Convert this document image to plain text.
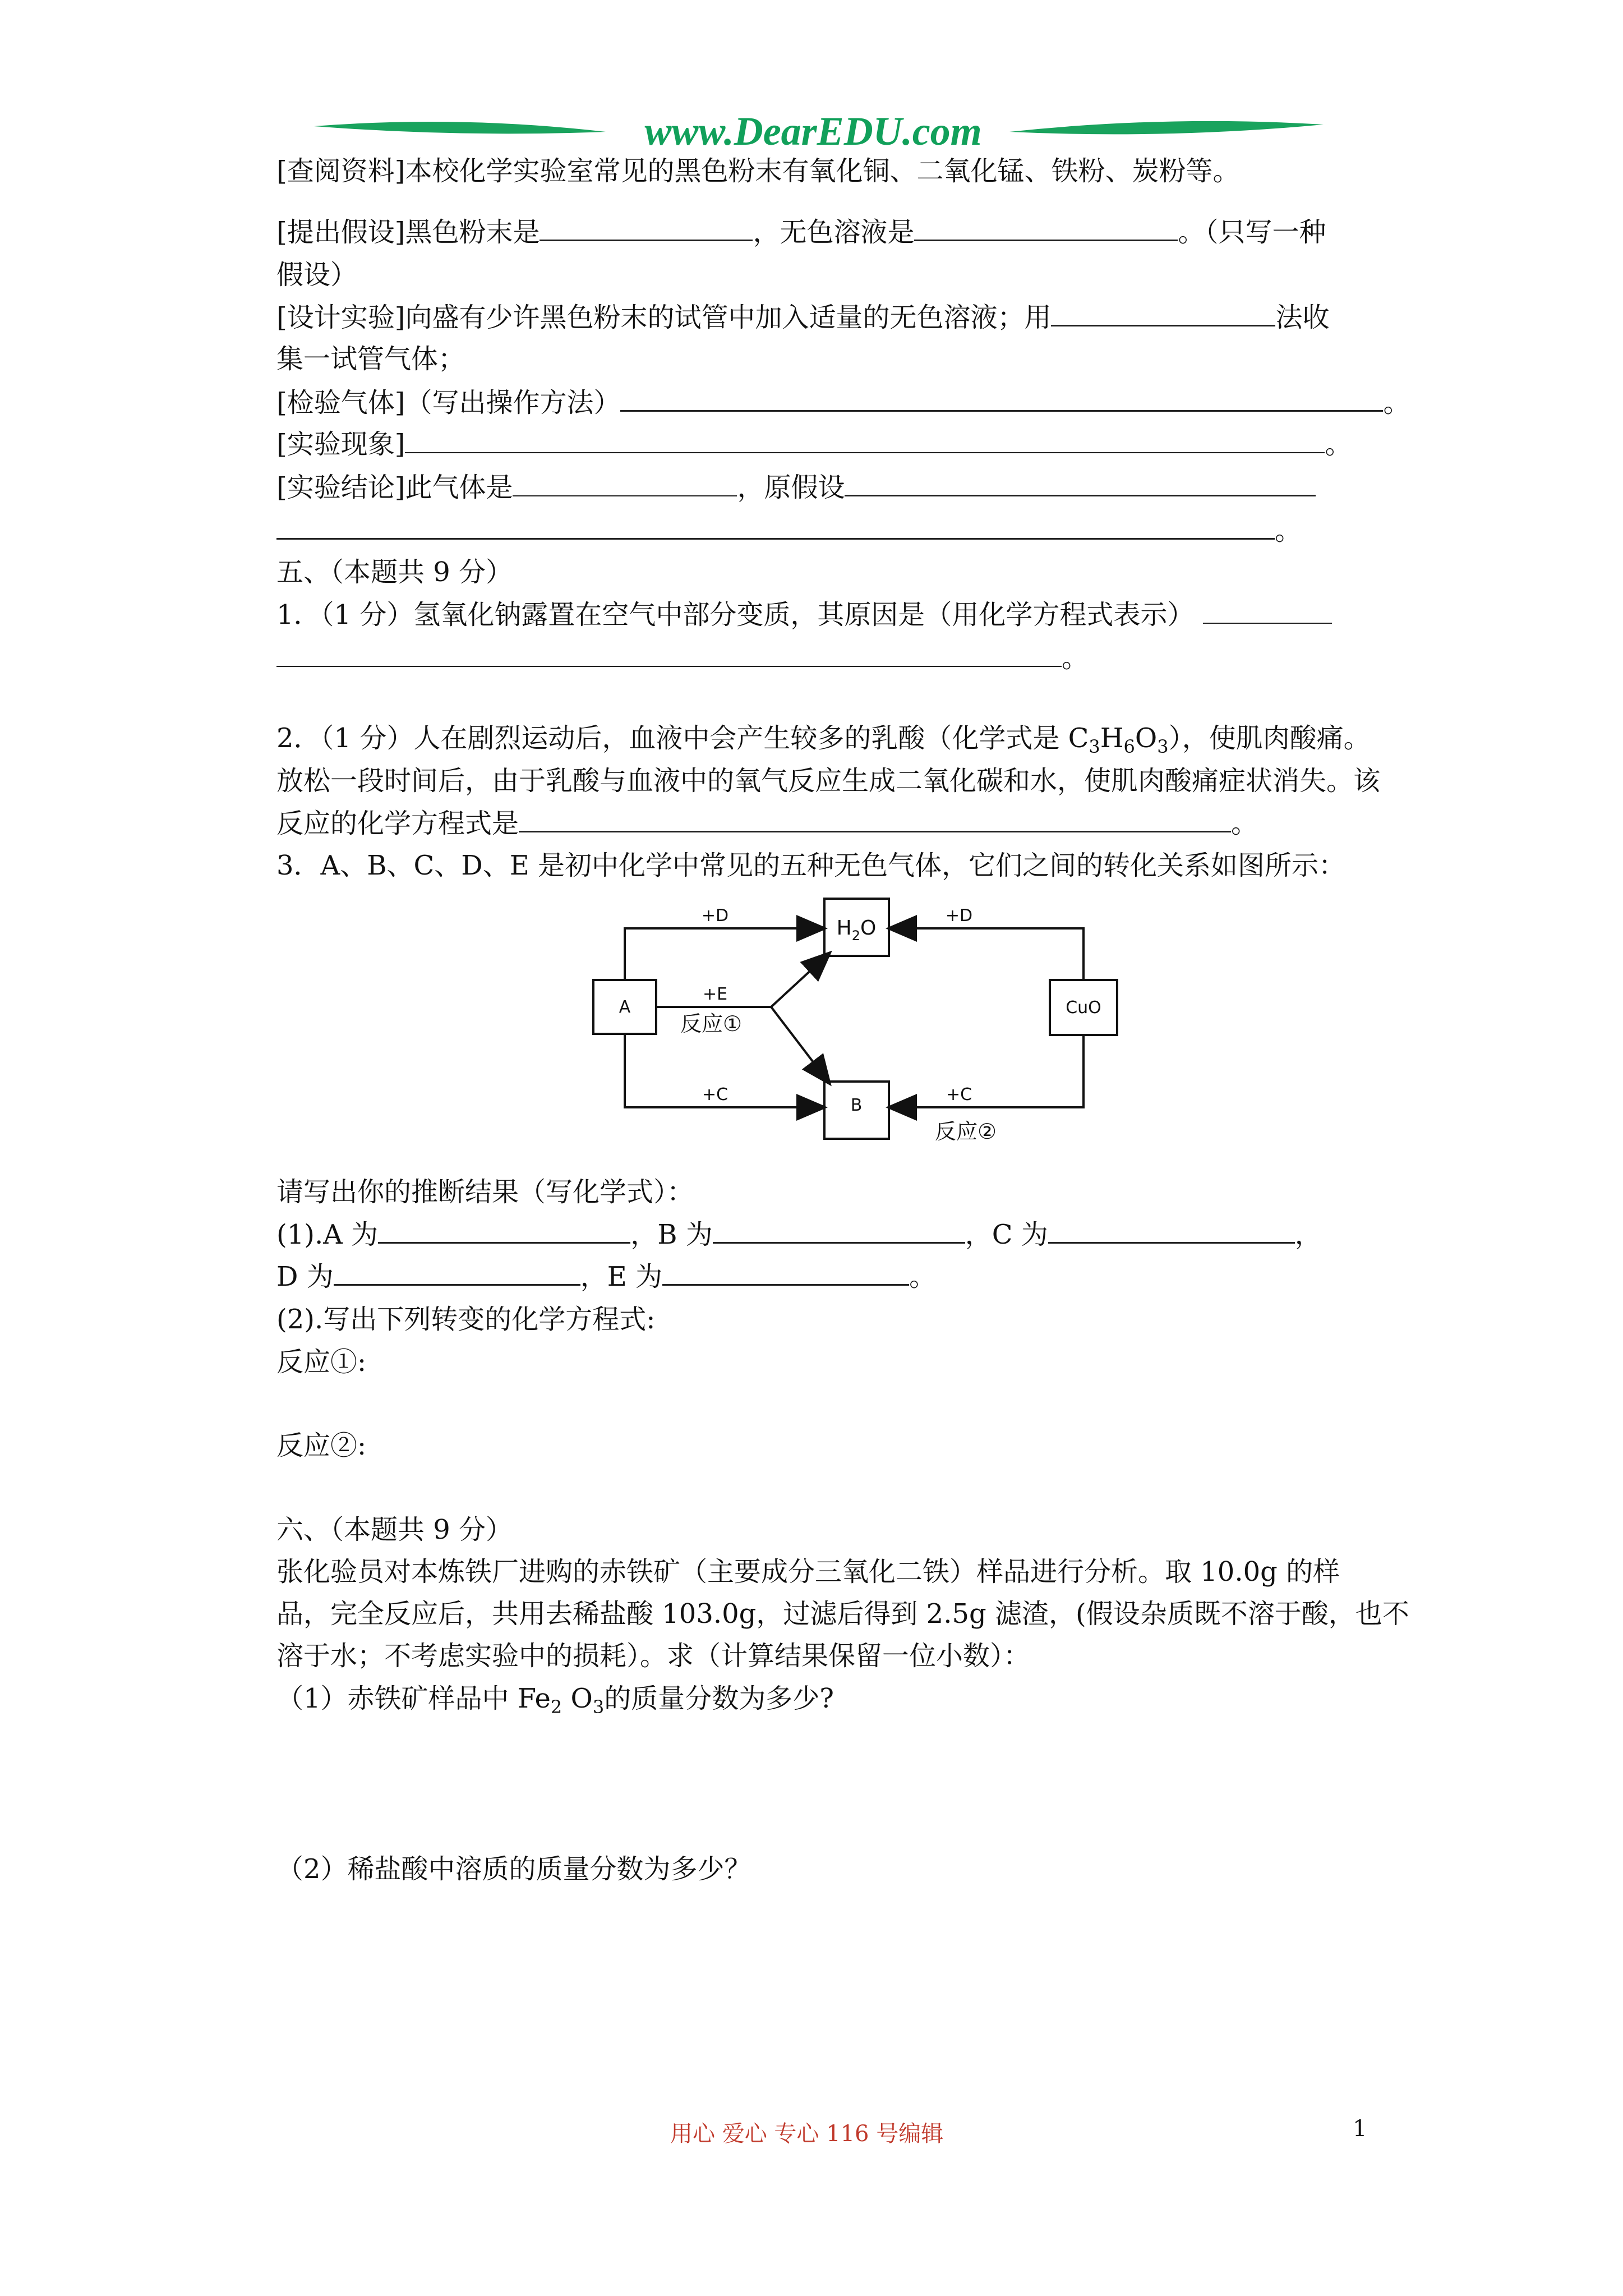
www.DearEDU.com
[查阅资料]本校化学实验室常见的黑色粉末有氧化铜、二氧化锰、铁粉、炭粉等。
[提出假设]黑色粉末是	，无色溶液是	。（只写一种
假设）
[设计实验]向盛有少许黑色粉末的试管中加入适量的无色溶液；用	法收
集一试管气体；
[检验气体]（写出操作方法）	。
[实验现象]	。
[实验结论]此气体是	，原假设
。
五、（本题共 9 分）
1．（1 分）氢氧化钠露置在空气中部分变质，其原因是（用化学方程式表示）
。
2．（1 分）人在剧烈运动后，血液中会产生较多的乳酸（化学式是 $C_3H_6O_3$），使肌肉酸痛。
放松一段时间后，由于乳酸与血液中的氧气反应生成二氧化碳和水，使肌肉酸痛症状消失。该
反应的化学方程式是	。
3．A、B、C、D、E 是初中化学中常见的五种无色气体，它们之间的转化关系如图所示：
A
B
CuO
$H_2O$
+D	+D
+E
+C	+C
反应①
反应②
请写出你的推断结果（写化学式）：
(1).A 为	，B 为	，C 为	，
D 为	，E 为	。
(2).写出下列转变的化学方程式:
反应①:
反应②:
六、（本题共 9 分）
张化验员对本炼铁厂进购的赤铁矿（主要成分三氧化二铁）样品进行分析。取 10.0g 的样
品，完全反应后，共用去稀盐酸 103.0g，过滤后得到 2.5g 滤渣，(假设杂质既不溶于酸，也不
溶于水；不考虑实验中的损耗）。求（计算结果保留一位小数）：
（1）赤铁矿样品中 $Fe_2$ $O_3$的质量分数为多少?
（2）稀盐酸中溶质的质量分数为多少？
用心 爱心 专心 116 号编辑	1
